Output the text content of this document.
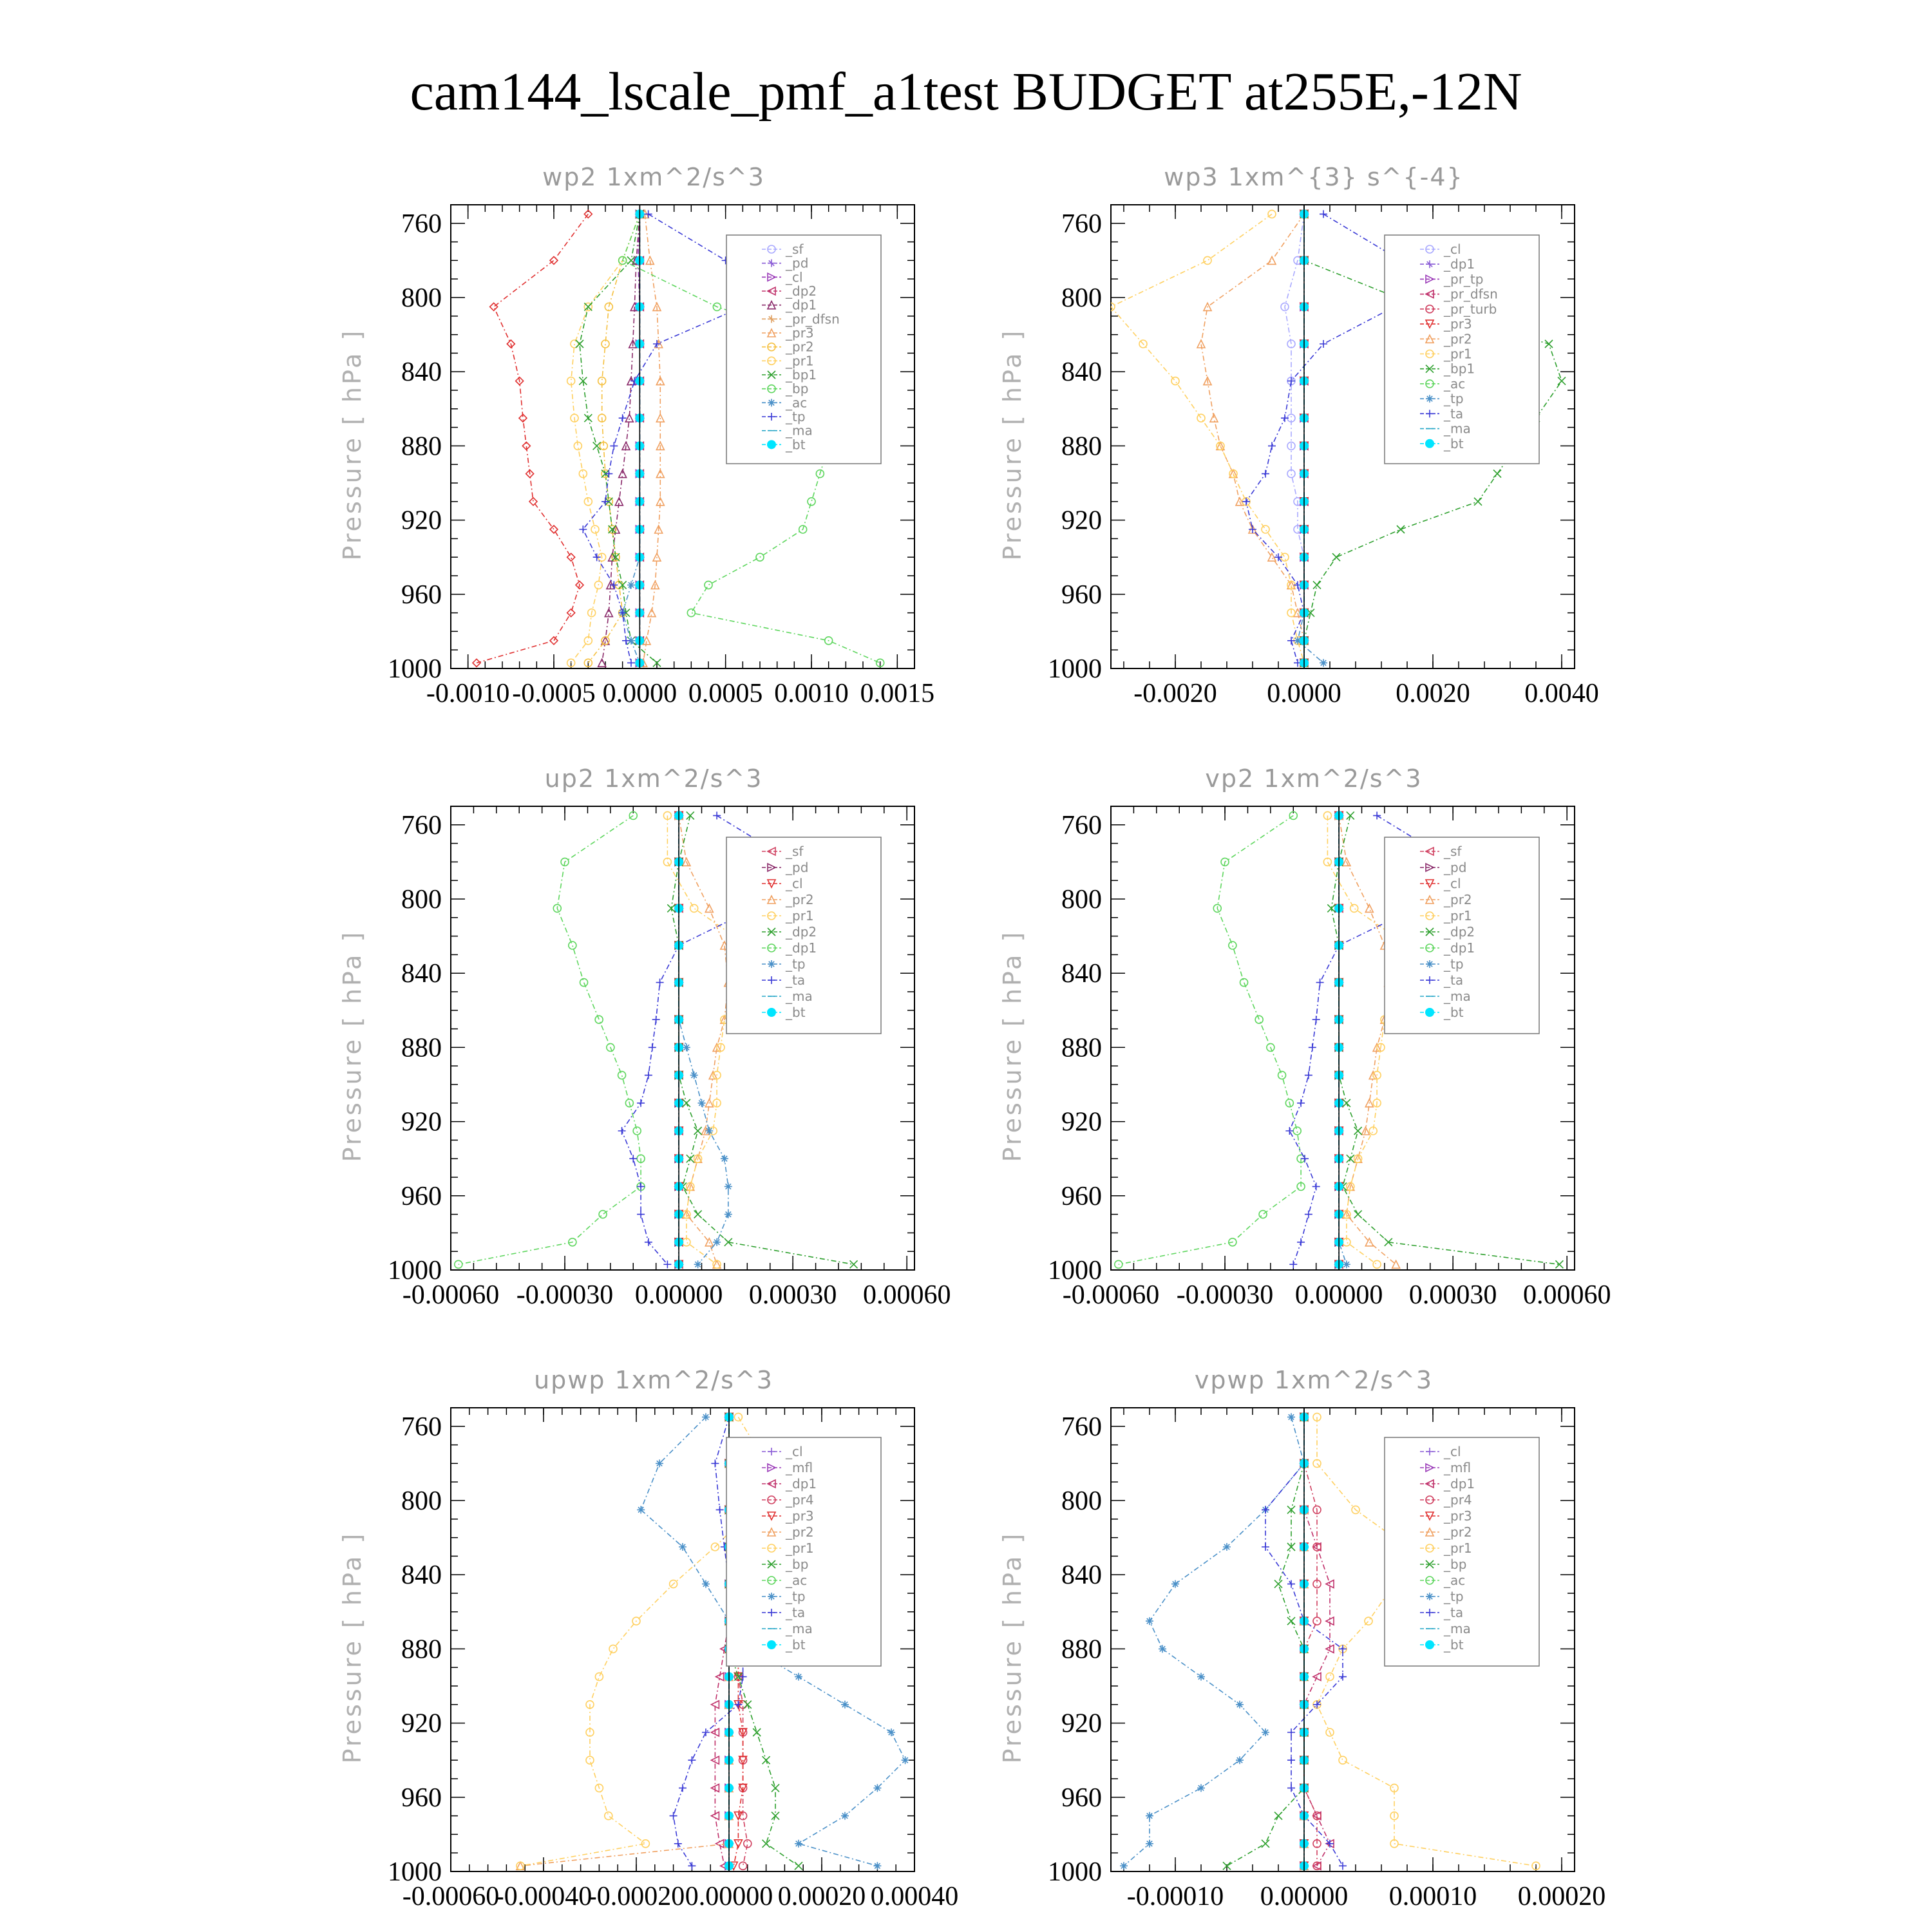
cam144_lscale_pmf_a1test BUDGET at255E,-12N
wp2 1xm^2/s^3
Pressure [ hPa ]
wp3 1xm^{3} s^{-4}
Pressure [ hPa ]
up2 1xm^2/s^3
Pressure [ hPa ]
vp2 1xm^2/s^3
Pressure [ hPa ]
upwp 1xm^2/s^3
Pressure [ hPa ]
vpwp 1xm^2/s^3
Pressure [ hPa ]
760
800
840
880
920
960
1000
-0.0010 -0.0005 0.0000 0.0005 0.0010 0.0015
_sf
_pd
_cl
_dp2
_dp1
_pr_dfsn
_pr3
_pr2
_pr1
_bp1
_bp
_ac
_tp
_ma
_bt
760
800
840
880
920
960
1000
-0.0020 0.0000 0.0020 0.0040
_cl
_dp1
_pr_tp
_pr_dfsn
_pr_turb
_pr3
_pr2
_pr1
_bp1
_ac
_tp
_ta
_ma
_bt
760
800
840
880
920
960
1000
-0.00060 -0.00030 0.00000 0.00030 0.00060
_sf
_pd
_cl
_pr2
_pr1
_dp2
_dp1
_tp
_ta
_ma
_bt
760
800
840
880
920
960
1000
-0.00060 -0.00030 0.00000 0.00030 0.00060
_sf
_pd
_cl
_pr2
_pr1
_dp2
_dp1
_tp
_ta
_ma
_bt
760
800
840
880
920
960
1000
-0.00060
-0.00040
-0.00020 0.00000 0.00020 0.00040
_cl
_mfl
_dp1
_pr4
_pr3
_pr2
_pr1
_bp
_ac
_tp
_ta
_ma
_bt
760
800
840
880
920
960
1000
-0.00010 0.00000 0.00010 0.00020
_cl
_mfl
_dp1
_pr4
_pr3
_pr2
_pr1
_bp
_ac
_tp
_ta
_ma
_bt
